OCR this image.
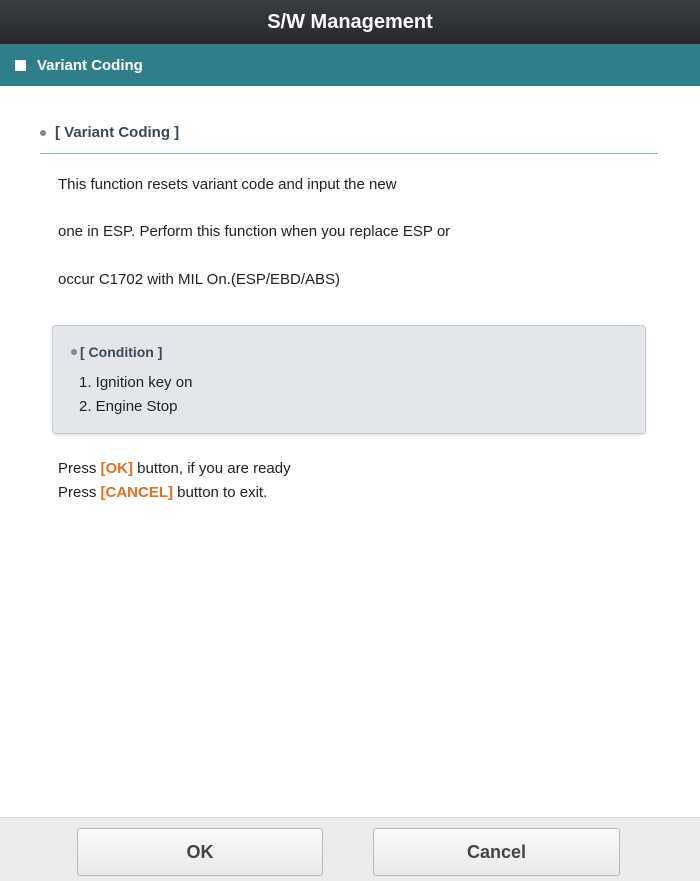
S/W Management
Variant Coding
[ Variant Coding ]
This function resets variant code and input the new
one in ESP. Perform this function when you replace ESP or
occur C1702 with MIL On.(ESP/EBD/ABS)
[ Condition ]
1. Ignition key on
2. Engine Stop
Press [OK] button, if you are ready
Press [CANCEL] button to exit.
OK	Cancel
